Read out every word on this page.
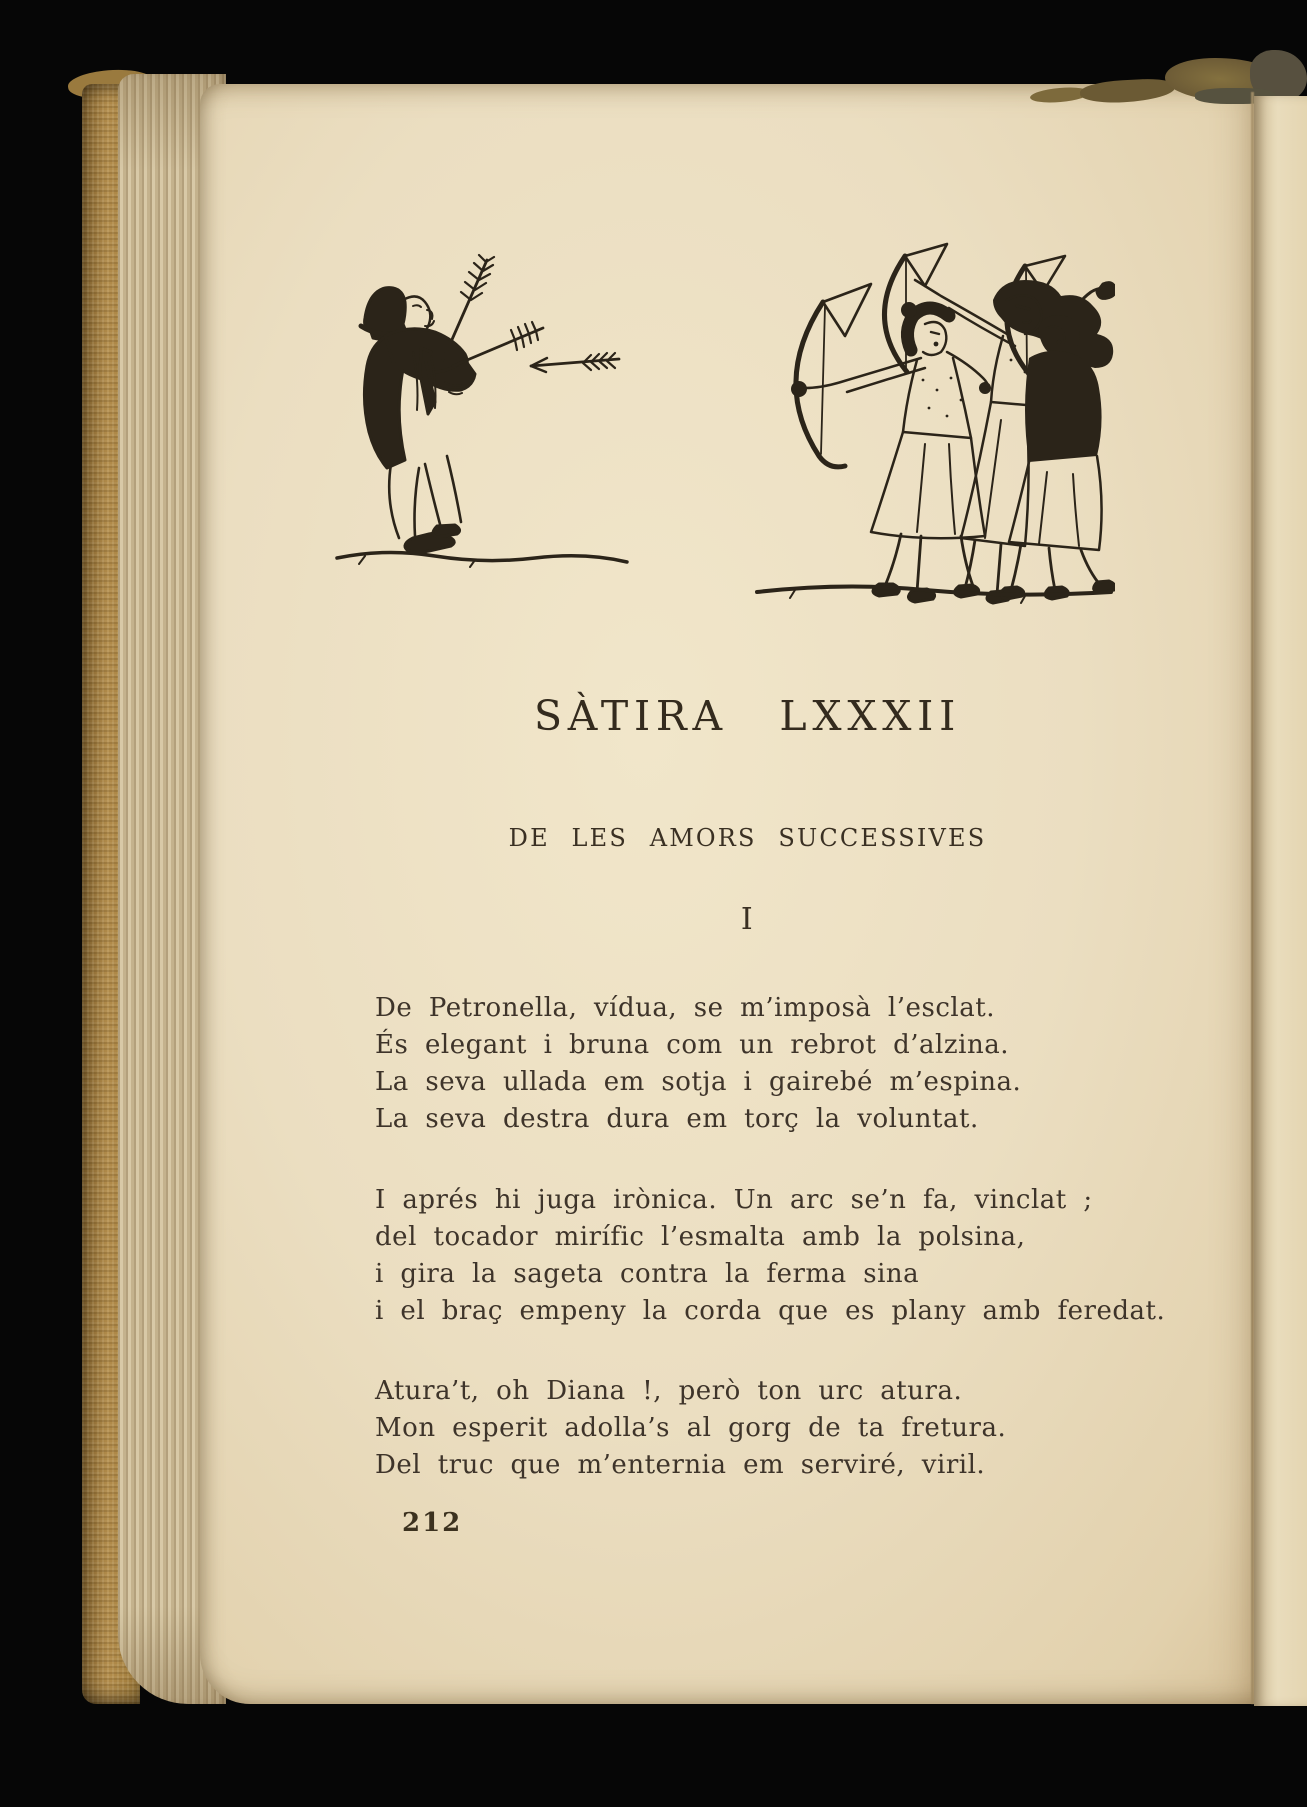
SÀTIRA LXXXII
DE LES AMORS SUCCESSIVES
I
De Petronella, vídua, se m’imposà l’esclat.
És elegant i bruna com un rebrot d’alzina.
La seva ullada em sotja i gairebé m’espina.
La seva destra dura em torç la voluntat.
I aprés hi juga irònica. Un arc se’n fa, vinclat ;
del tocador mirífic l’esmalta amb la polsina,
i gira la sageta contra la ferma sina
i el braç empeny la corda que es plany amb feredat.
Atura’t, oh Diana !, però ton urc atura.
Mon esperit adolla’s al gorg de ta fretura.
Del truc que m’enternia em serviré, viril.
212
